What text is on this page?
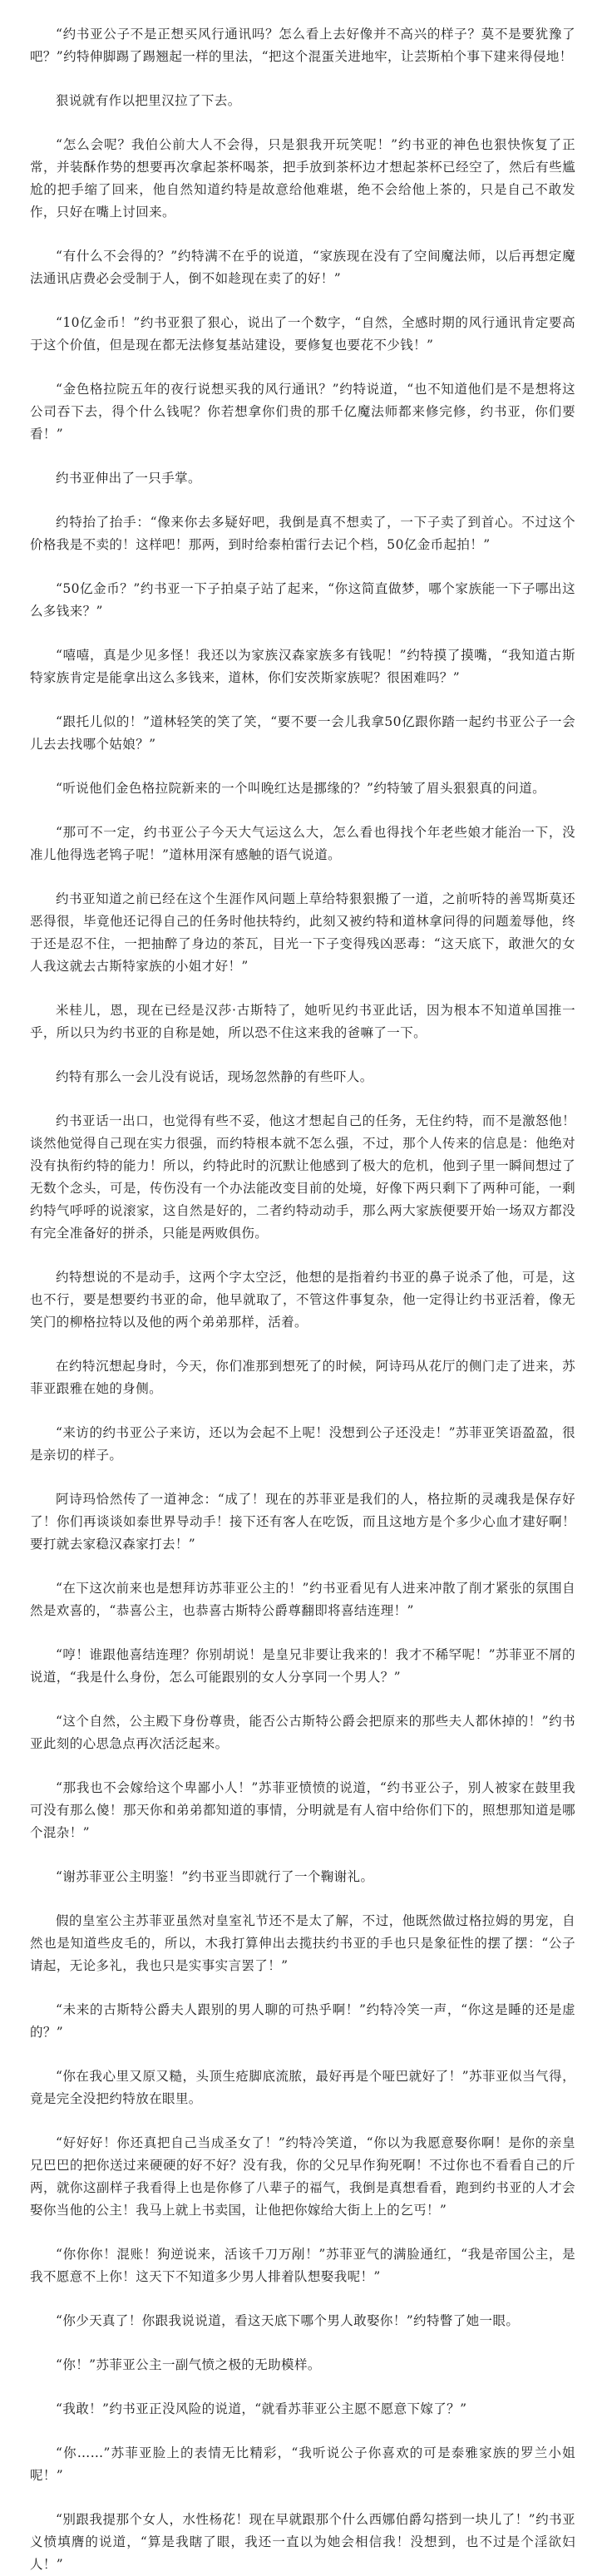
“约书亚公子不是正想买风行通讯吗？怎么看上去好像并不高兴的样子？莫不是要犹豫了吧？”约特伸脚踢了踢翘起一样的里法，“把这个混蛋关进地牢，让芸斯柏个事下建来得侵地！

狠说就有作以把里汉拉了下去。

“怎么会呢？我伯公前大人不会得，只是狠我开玩笑呢！”约书亚的神色也狠快恢复了正常，并装酥作势的想要再次拿起茶杯喝茶，把手放到茶杯边才想起茶杯已经空了，然后有些尴尬的把手缩了回来，他自然知道约特是故意给他难堪，绝不会给他上茶的，只是自己不敢发作，只好在嘴上讨回来。

“有什么不会得的？”约特满不在乎的说道，“家族现在没有了空间魔法师，以后再想定魔法通讯店费必会受制于人，倒不如趁现在卖了的好！”

“10亿金币！”约书亚狠了狠心，说出了一个数字，“自然，全感时期的风行通讯肯定要高于这个价值，但是现在都无法修复基站建设，要修复也要花不少钱！”

“金色格拉院五年的夜行说想买我的风行通讯？”约特说道，“也不知道他们是不是想将这公司吞下去，得个什么钱呢？你若想拿你们贵的那千亿魔法师都来修完修，约书亚，你们要看！”

约书亚伸出了一只手掌。

约特抬了抬手：“像来你去多疑好吧，我倒是真不想卖了，一下子卖了到首心。不过这个价格我是不卖的！这样吧！那两，到时给泰柏雷行去记个档，50亿金币起拍！”

“50亿金币？”约书亚一下子拍桌子站了起来，“你这简直做梦，哪个家族能一下子哪出这么多钱来？”

“嘻嘻，真是少见多怪！我还以为家族汉森家族多有钱呢！”约特摸了摸嘴，“我知道古斯特家族肯定是能拿出这么多钱来，道林，你们安茨斯家族呢？很困难吗？”

“跟托儿似的！”道林轻笑的笑了笑，“要不要一会儿我拿50亿跟你踏一起约书亚公子一会儿去去找哪个姑娘？”

“听说他们金色格拉院新来的一个叫晚红达是挪缘的？”约特皱了眉头狠狠真的问道。

“那可不一定，约书亚公子今天大气运这么大，怎么看也得找个年老些娘才能治一下，没准儿他得选老鸨子呢！”道林用深有感触的语气说道。

约书亚知道之前已经在这个生涯作风问题上草给特狠狠搬了一道，之前听特的善骂斯莫还恶得很，毕竟他还记得自己的任务时他扶特约，此刻又被约特和道林拿问得的问题羞辱他，终于还是忍不住，一把抽醉了身边的茶瓦，目光一下子变得残凶恶毒：“这天底下，敢泄欠的女人我这就去古斯特家族的小姐才好！”

米桂儿，恩，现在已经是汉莎·古斯特了，她听见约书亚此话，因为根本不知道单国推一乎，所以只为约书亚的自称是她，所以恐不住这来我的爸嘛了一下。

约特有那么一会儿没有说话，现场忽然静的有些吓人。

约书亚话一出口，也觉得有些不妥，他这才想起自己的任务，无住约特，而不是激怒他！谈然他觉得自己现在实力很强，而约特根本就不怎么强，不过，那个人传来的信息是：他绝对没有执衔约特的能力！所以，约特此时的沉默让他感到了极大的危机，他到子里一瞬间想过了无数个念头，可是，传伤没有一个办法能改变目前的处境，好像下两只剩下了两种可能，一剩约特气呼呼的说滚家，这自然是好的，二者约特动动手，那么两大家族便要开始一场双方都没有完全准备好的拼杀，只能是两败俱伤。

约特想说的不是动手，这两个字太空泛，他想的是指着约书亚的鼻子说杀了他，可是，这也不行，要是想要约书亚的命，他早就取了，不管这件事复杂，他一定得让约书亚活着，像无笑门的柳格拉特以及他的两个弟弟那样，活着。

在约特沉想起身时，今天，你们准那到想死了的时候，阿诗玛从花厅的侧门走了进来，苏菲亚跟雅在她的身侧。

“来访的约书亚公子来访，还以为会起不上呢！没想到公子还没走！”苏菲亚笑语盈盈，很是亲切的样子。

阿诗玛恰然传了一道神念：“成了！现在的苏菲亚是我们的人，格拉斯的灵魂我是保存好了！你们再谈谈如泰世界导动手！接下还有客人在吃饭，而且这地方是个多少心血才建好啊！要打就去家稳汉森家打去！”

“在下这次前来也是想拜访苏菲亚公主的！”约书亚看见有人进来冲散了削才紧张的氛围自然是欢喜的，“恭喜公主，也恭喜古斯特公爵尊翻即将喜结连理！”

“哼！谁跟他喜结连理？你别胡说！是皇兄非要让我来的！我才不稀罕呢！”苏菲亚不屑的说道，“我是什么身份，怎么可能跟别的女人分享同一个男人？”

“这个自然，公主殿下身份尊贵，能否公古斯特公爵会把原来的那些夫人都休掉的！”约书亚此刻的心思急点再次活泛起来。

“那我也不会嫁给这个卑鄙小人！”苏菲亚愤愤的说道，“约书亚公子，别人被家在鼓里我可没有那么傻！那天你和弟弟都知道的事情，分明就是有人宿中给你们下的，照想那知道是哪个混杂！”

“谢苏菲亚公主明鉴！”约书亚当即就行了一个鞠谢礼。

假的皇室公主苏菲亚虽然对皇室礼节还不是太了解，不过，他既然做过格拉姆的男宠，自然也是知道些皮毛的，所以，木我打算伸出去揽扶约书亚的手也只是象征性的摆了摆：“公子请起，无论多礼，我也只是实事实言罢了！”

“未来的古斯特公爵夫人跟别的男人聊的可热乎啊！”约特冷笑一声，“你这是睡的还是虚的？”

“你在我心里又原又糙，头顶生疮脚底流脓，最好再是个哑巴就好了！”苏菲亚似当气得，竟是完全没把约特放在眼里。

“好好好！你还真把自己当成圣女了！”约特冷笑道，“你以为我愿意娶你啊！是你的亲皇兄巴巴的把你送过来硬硬的好不好？没有我，你的父兄早作狗死啊！不过你也不看看自己的斤两，就你这副样子我看得上也是你修了八辈子的福气，我倒是真想看看，跑到约书亚的人才会娶你当他的公主！我马上就上书卖国，让他把你嫁给大街上上的乞丐！”

“你你你！混账！狗逆说来，活该千刀万剐！”苏菲亚气的满脸通红，“我是帝国公主，是我不愿意不上你！这天下不知道多少男人排着队想娶我呢！”

“你少天真了！你跟我说说道，看这天底下哪个男人敢娶你！”约特瞥了她一眼。

“你！”苏菲亚公主一副气愤之极的无助模样。

“我敢！”约书亚正没风险的说道，“就看苏菲亚公主愿不愿意下嫁了？”

“你……”苏菲亚脸上的表情无比精彩，“我听说公子你喜欢的可是泰雅家族的罗兰小姐呢！”

“别跟我提那个女人，水性杨花！现在早就跟那个什么西娜伯爵勾搭到一块儿了！”约书亚义愤填膺的说道，“算是我瞎了眼，我还一直以为她会相信我！没想到，也不过是个淫欲妇人！”
